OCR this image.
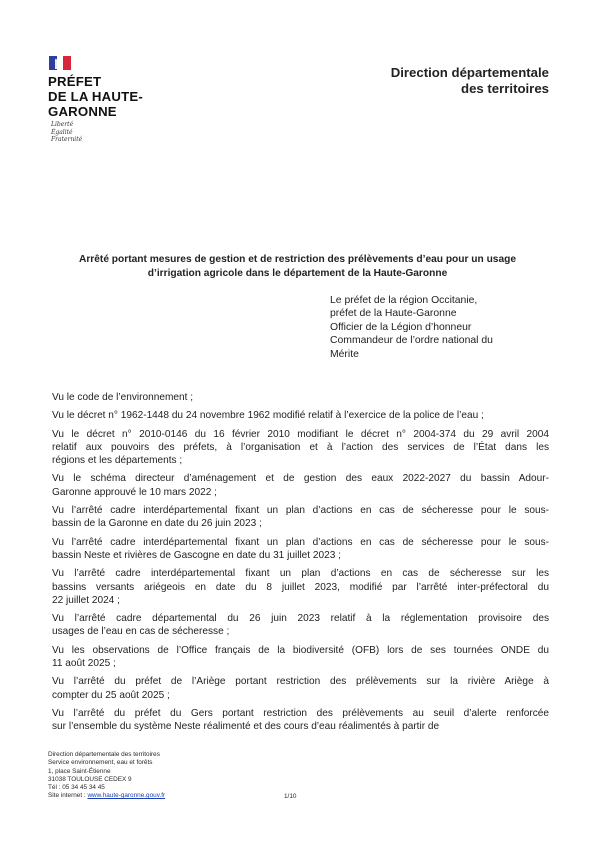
PRÉFET
DE LA HAUTE-
GARONNE
Liberté
Égalité
Fraternité
Direction départementale
des territoires
Arrêté portant mesures de gestion et de restriction des prélèvements d’eau pour un usage
d’irrigation agricole dans le département de la Haute-Garonne
Le préfet de la région Occitanie,
préfet de la Haute-Garonne
Officier de la Légion d’honneur
Commandeur de l’ordre national du
Mérite
Vu le code de l’environnement ;
Vu le décret n° 1962-1448 du 24 novembre 1962 modifié relatif à l’exercice de la police de l’eau ;
Vu le décret n° 2010-0146 du 16 février 2010 modifiant le décret n° 2004-374 du 29 avril 2004
relatif aux pouvoirs des préfets, à l’organisation et à l’action des services de l’État dans les
régions et les départements ;
Vu le schéma directeur d’aménagement et de gestion des eaux 2022-2027 du bassin Adour-
Garonne approuvé le 10 mars 2022 ;
Vu l’arrêté cadre interdépartemental fixant un plan d’actions en cas de sécheresse pour le sous-
bassin de la Garonne en date du 26 juin 2023 ;
Vu l’arrêté cadre interdépartemental fixant un plan d’actions en cas de sécheresse pour le sous-
bassin Neste et rivières de Gascogne en date du 31 juillet 2023 ;
Vu l’arrêté cadre interdépartemental fixant un plan d’actions en cas de sécheresse sur les
bassins versants ariégeois en date du 8 juillet 2023, modifié par l’arrêté inter-préfectoral du
22 juillet 2024 ;
Vu l’arrêté cadre départemental du 26 juin 2023 relatif à la réglementation provisoire des
usages de l’eau en cas de sécheresse ;
Vu les observations de l’Office français de la biodiversité (OFB) lors de ses tournées ONDE du
11 août 2025 ;
Vu l’arrêté du préfet de l’Ariège portant restriction des prélèvements sur la rivière Ariège à
compter du 25 août 2025 ;
Vu l’arrêté du préfet du Gers portant restriction des prélèvements au seuil d’alerte renforcée
sur l’ensemble du système Neste réalimenté et des cours d’eau réalimentés à partir de
Direction départementale des territoires
Service environnement, eau et forêts
1, place Saint-Étienne
31038 TOULOUSE CEDEX 9
Tél : 05 34 45 34 45
Site internet : www.haute-garonne.gouv.fr	1/10
